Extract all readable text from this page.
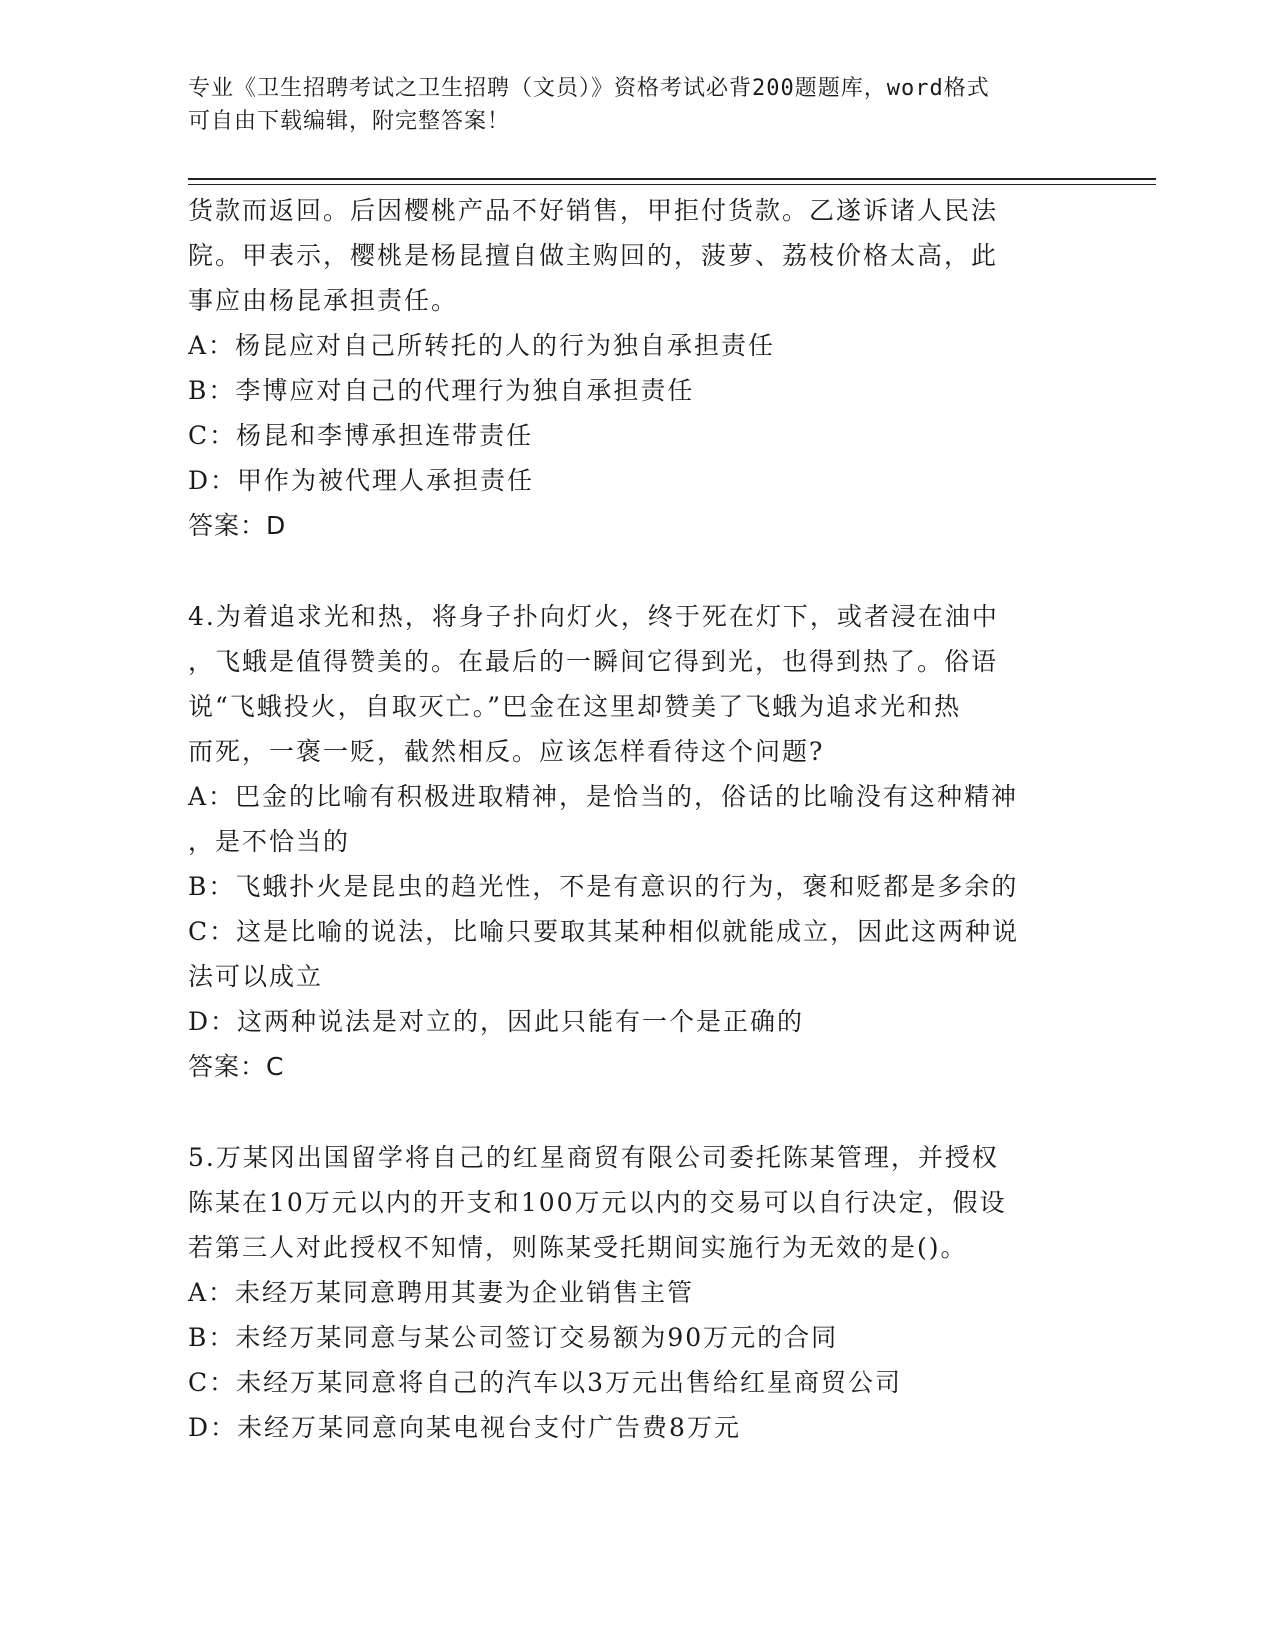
专业《卫生招聘考试之卫生招聘（文员）》资格考试必背200题题库，word格式
可自由下载编辑，附完整答案！

货款而返回。后因樱桃产品不好销售，甲拒付货款。乙遂诉诸人民法

院。甲表示，樱桃是杨昆擅自做主购回的，菠萝、荔枝价格太高，此

事应由杨昆承担责任。

A：杨昆应对自己所转托的人的行为独自承担责任

B：李博应对自己的代理行为独自承担责任

C：杨昆和李博承担连带责任

D：甲作为被代理人承担责任

答案：D

4.为着追求光和热，将身子扑向灯火，终于死在灯下，或者浸在油中

，飞蛾是值得赞美的。在最后的一瞬间它得到光，也得到热了。俗语

说“飞蛾投火，自取灭亡。”巴金在这里却赞美了飞蛾为追求光和热

而死，一褒一贬，截然相反。应该怎样看待这个问题?

A：巴金的比喻有积极进取精神，是恰当的，俗话的比喻没有这种精神

，是不恰当的

B：飞蛾扑火是昆虫的趋光性，不是有意识的行为，褒和贬都是多余的

C：这是比喻的说法，比喻只要取其某种相似就能成立，因此这两种说

法可以成立

D：这两种说法是对立的，因此只能有一个是正确的

答案：C

5.万某冈出国留学将自己的红星商贸有限公司委托陈某管理，并授权

陈某在10万元以内的开支和100万元以内的交易可以自行决定，假设

若第三人对此授权不知情，则陈某受托期间实施行为无效的是()。

A：未经万某同意聘用其妻为企业销售主管

B：未经万某同意与某公司签订交易额为90万元的合同

C：未经万某同意将自己的汽车以3万元出售给红星商贸公司

D：未经万某同意向某电视台支付广告费8万元
